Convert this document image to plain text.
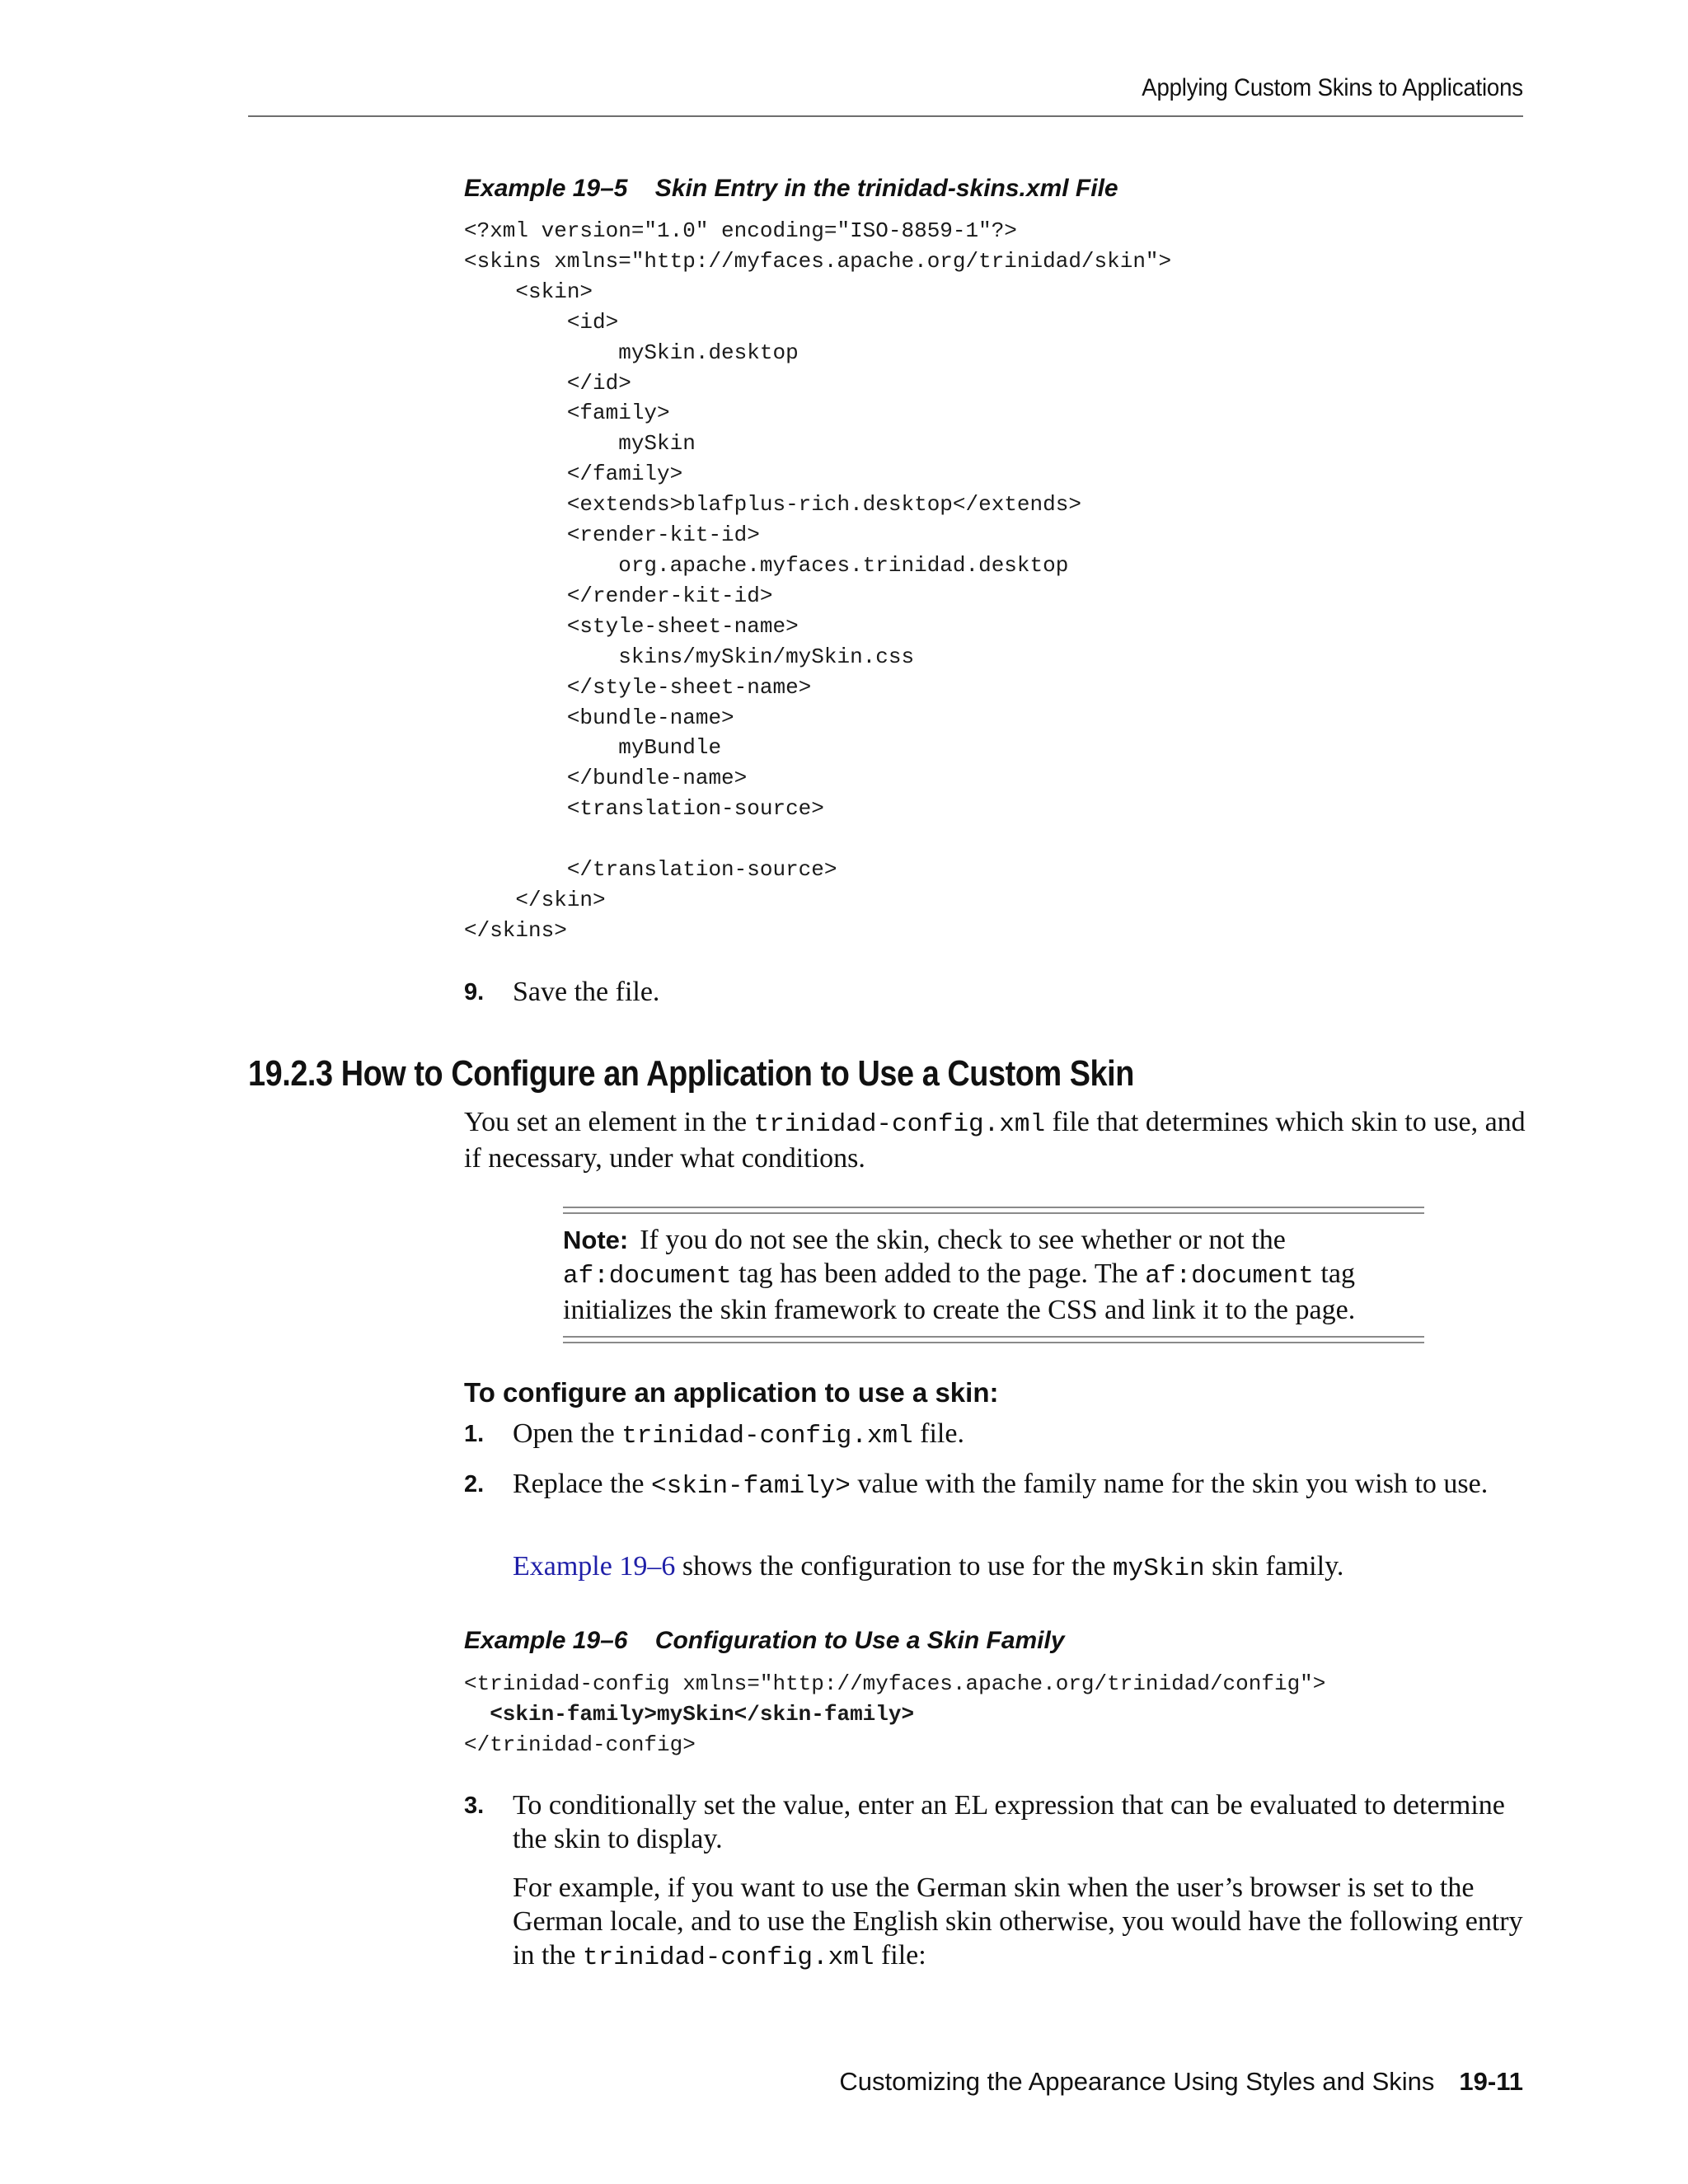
Applying Custom Skins to Applications
Example 19–5    Skin Entry in the trinidad-skins.xml File
<?xml version="1.0" encoding="ISO-8859-1"?>
<skins xmlns="http://myfaces.apache.org/trinidad/skin">
<skin>
<id>
mySkin.desktop
</id>
<family>
mySkin
</family>
<extends>blafplus-rich.desktop</extends>
<render-kit-id>
org.apache.myfaces.trinidad.desktop
</render-kit-id>
<style-sheet-name>
skins/mySkin/mySkin.css
</style-sheet-name>
<bundle-name>
myBundle
</bundle-name>
<translation-source>

</translation-source>
</skin>
</skins>
9. Save the file.
19.2.3 How to Configure an Application to Use a Custom Skin
You set an element in the trinidad-config.xml file that determines which skin to use, and if necessary, under what conditions.
Note: If you do not see the skin, check to see whether or not the af:document tag has been added to the page. The af:document tag initializes the skin framework to create the CSS and link it to the page.
To configure an application to use a skin:
1. Open the trinidad-config.xml file.
2. Replace the <skin-family> value with the family name for the skin you wish to use.
Example 19–6 shows the configuration to use for the mySkin skin family.
Example 19–6    Configuration to Use a Skin Family
<trinidad-config xmlns="http://myfaces.apache.org/trinidad/config">
<skin-family>mySkin</skin-family>
</trinidad-config>
3. To conditionally set the value, enter an EL expression that can be evaluated to determine the skin to display.
For example, if you want to use the German skin when the user’s browser is set to the German locale, and to use the English skin otherwise, you would have the following entry in the trinidad-config.xml file:
Customizing the Appearance Using Styles and Skins 19-11
